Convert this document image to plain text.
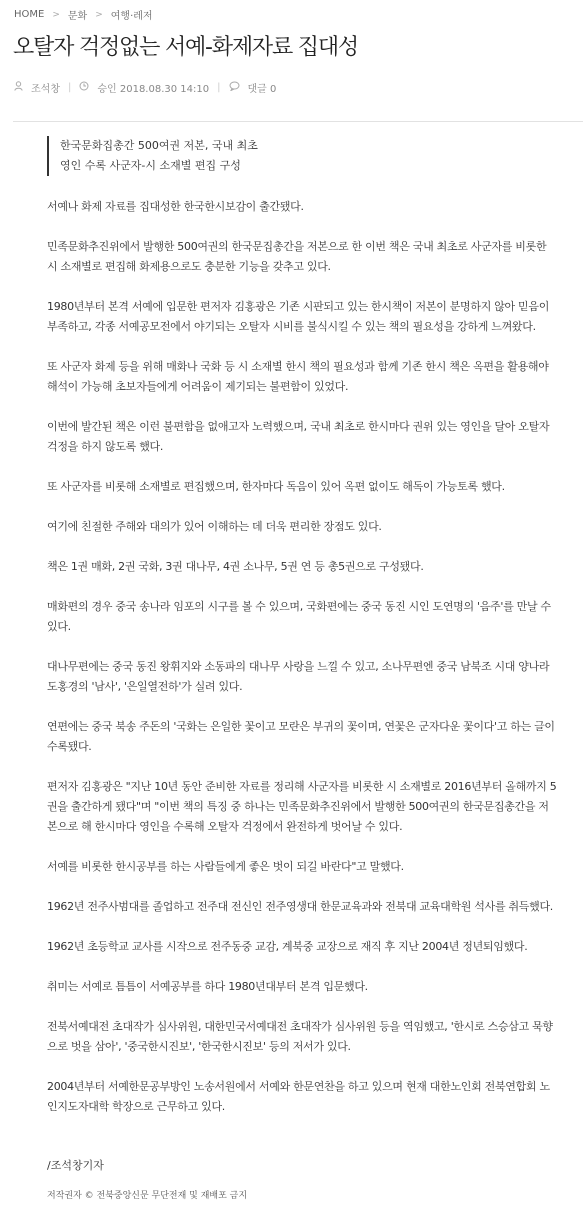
HOME > 문화 > 여행·레저
오탈자 걱정없는 서예-화제자료 집대성
조석창 |	승인 2018.08.30 14:10 |	댓글 0
한국문화집총간 500여권 저본, 국내 최초
영인 수록 사군자-시 소재별 편집 구성

서예나 화제 자료를 집대성한 한국한시보감이 출간됐다.

민족문화추진위에서 발행한 500여권의 한국문집총간을 저본으로 한 이번 책은 국내 최초로 사군자를 비롯한 시 소재별로 편집해 화제용으로도 충분한 기능을 갖추고 있다.

1980년부터 본격 서예에 입문한 편저자 김홍광은 기존 시판되고 있는 한시책이 저본이 분명하지 않아 믿음이 부족하고, 각종 서예공모전에서 야기되는 오탈자 시비를 불식시킬 수 있는 책의 필요성을 강하게 느껴왔다.

또 사군자 화제 등을 위해 매화나 국화 등 시 소재별 한시 책의 필요성과 함께 기존 한시 책은 옥편을 활용해야 해석이 가능해 초보자들에게 어려움이 제기되는 불편함이 있었다.

이번에 발간된 책은 이런 불편함을 없애고자 노력했으며, 국내 최초로 한시마다 권위 있는 영인을 달아 오탈자 걱정을 하지 않도록 했다.

또 사군자를 비롯해 소재별로 편집했으며, 한자마다 독음이 있어 옥편 없이도 해독이 가능토록 했다.

여기에 친절한 주해와 대의가 있어 이해하는 데 더욱 편리한 장점도 있다.

책은 1권 매화, 2권 국화, 3권 대나무, 4권 소나무, 5권 연 등 총5권으로 구성됐다.

매화편의 경우 중국 송나라 임포의 시구를 볼 수 있으며, 국화편에는 중국 동진 시인 도연명의 '음주'를 만날 수 있다.

대나무편에는 중국 동진 왕휘지와 소동파의 대나무 사랑을 느낄 수 있고, 소나무편엔 중국 남북조 시대 양나라 도홍경의 '남사', '은일열전하'가 실려 있다.

연편에는 중국 북송 주돈의 '국화는 은일한 꽃이고 모란은 부귀의 꽃이며, 연꽃은 군자다운 꽃이다'고 하는 글이 수록됐다.

편저자 김홍광은 "지난 10년 동안 준비한 자료를 정리해 사군자를 비롯한 시 소재별로 2016년부터 올해까지 5권을 출간하게 됐다"며 "이번 책의 특징 중 하나는 민족문화추진위에서 발행한 500여권의 한국문집총간을 저본으로 해 한시마다 영인을 수록해 오탈자 걱정에서 완전하게 벗어날 수 있다.

서예를 비롯한 한시공부를 하는 사람들에게 좋은 벗이 되길 바란다"고 말했다.

1962년 전주사범대를 졸업하고 전주대 전신인 전주영생대 한문교육과와 전북대 교육대학원 석사를 취득했다.

1962년 초등학교 교사를 시작으로 전주동중 교감, 계북중 교장으로 재직 후 지난 2004년 정년퇴임했다.

취미는 서예로 틈틈이 서예공부를 하다 1980년대부터 본격 입문했다.

전북서예대전 초대작가 심사위원, 대한민국서예대전 초대작가 심사위원 등을 역임했고, '한시로 스승삼고 묵향으로 벗을 삼아', '중국한시진보', '한국한시진보' 등의 저서가 있다.

2004년부터 서예한문공부방인 노송서원에서 서예와 한문연찬을 하고 있으며 현재 대한노인회 전북연합회 노인지도자대학 학장으로 근무하고 있다.

/조석창기자
저작권자 © 전북중앙신문 무단전재 및 재배포 금지
